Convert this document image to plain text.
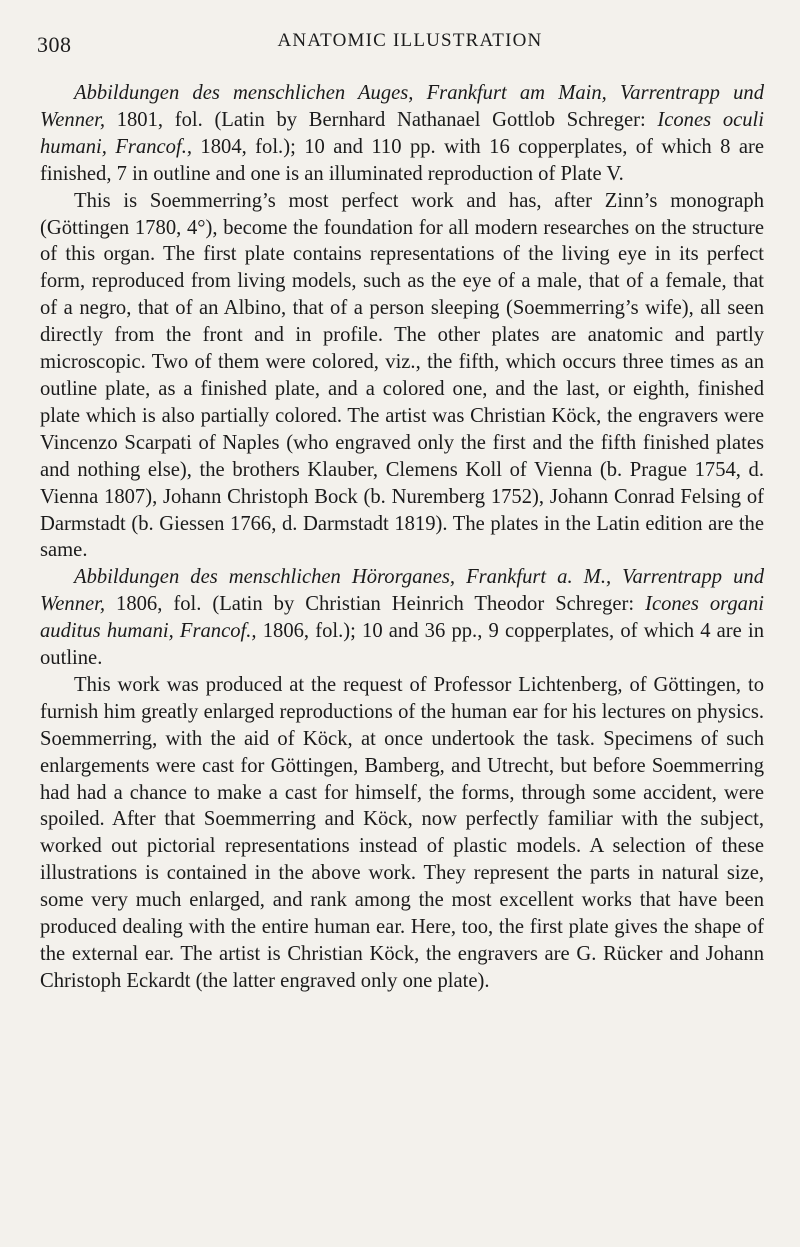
308	ANATOMIC ILLUSTRATION

Abbildungen des menschlichen Auges, Frankfurt am Main, Varrentrapp und Wenner, 1801, fol. (Latin by Bernhard Nathanael Gottlob Schreger: Icones oculi humani, Francof., 1804, fol.); 10 and 110 pp. with 16 copperplates, of which 8 are finished, 7 in outline and one is an illuminated reproduction of Plate V.

This is Soemmerring’s most perfect work and has, after Zinn’s monograph (Göttingen 1780, 4°), become the foundation for all modern researches on the structure of this organ. The first plate contains representations of the living eye in its perfect form, reproduced from living models, such as the eye of a male, that of a female, that of a negro, that of an Albino, that of a person sleeping (Soemmerring’s wife), all seen directly from the front and in profile. The other plates are anatomic and partly microscopic. Two of them were colored, viz., the fifth, which occurs three times as an outline plate, as a finished plate, and a colored one, and the last, or eighth, finished plate which is also partially colored. The artist was Christian Köck, the engravers were Vincenzo Scarpati of Naples (who engraved only the first and the fifth finished plates and nothing else), the brothers Klauber, Clemens Koll of Vienna (b. Prague 1754, d. Vienna 1807), Johann Christoph Bock (b. Nuremberg 1752), Johann Conrad Felsing of Darmstadt (b. Giessen 1766, d. Darmstadt 1819). The plates in the Latin edition are the same.

Abbildungen des menschlichen Hörorganes, Frankfurt a. M., Varrentrapp und Wenner, 1806, fol. (Latin by Christian Heinrich Theodor Schreger: Icones organi auditus humani, Francof., 1806, fol.); 10 and 36 pp., 9 copperplates, of which 4 are in outline.

This work was produced at the request of Professor Lichtenberg, of Göttingen, to furnish him greatly enlarged reproductions of the human ear for his lectures on physics. Soemmerring, with the aid of Köck, at once undertook the task. Specimens of such enlargements were cast for Göttingen, Bamberg, and Utrecht, but before Soemmerring had had a chance to make a cast for himself, the forms, through some accident, were spoiled. After that Soemmerring and Köck, now perfectly familiar with the subject, worked out pictorial representations instead of plastic models. A selection of these illustrations is contained in the above work. They represent the parts in natural size, some very much enlarged, and rank among the most excellent works that have been produced dealing with the entire human ear. Here, too, the first plate gives the shape of the external ear. The artist is Christian Köck, the engravers are G. Rücker and Johann Christoph Eckardt (the latter engraved only one plate).
